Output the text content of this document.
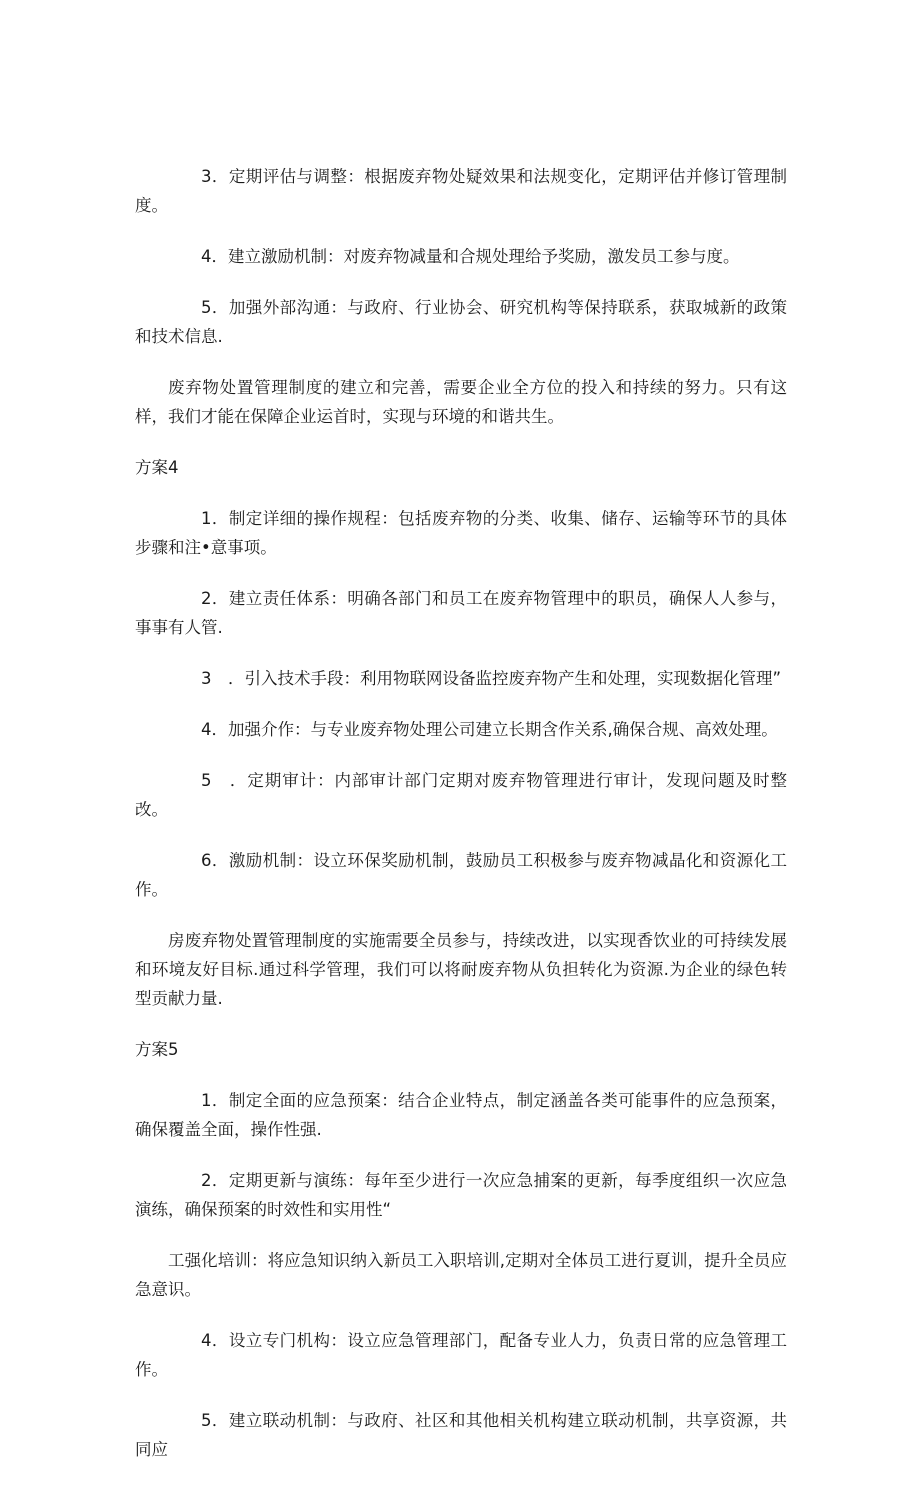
3．定期评估与调整：根据废弃物处疑效果和法规变化，定期评估并修订管理制度。

4．建立激励机制：对废弃物减量和合规处理给予奖励，激发员工参与度。

5．加强外部沟通：与政府、行业协会、研究机构等保持联系，获取城新的政策和技术信息.

废弃物处置管理制度的建立和完善，需要企业全方位的投入和持续的努力。只有这样，我们才能在保障企业运首时，实现与环境的和谐共生。

方案4

1．制定详细的操作规程：包括废弃物的分类、收集、储存、运输等环节的具体步骤和注•意事项。

2．建立责任体系：明确各部门和员工在废弃物管理中的职员，确保人人参与，事事有人管.

3　．引入技术手段：利用物联网设备监控废弃物产生和处理，实现数据化管理”

4．加强介作：与专业废弃物处理公司建立长期含作关系,确保合规、高效处理。

5　．定期审计：内部审计部门定期对废弃物管理进行审计，发现问题及时整改。

6．激励机制：设立环保奖励机制，鼓励员工积极参与废弃物减晶化和资源化工作。

房废弃物处置管理制度的实施需要全员参与，持续改进，以实现香饮业的可持续发展和环境友好目标.通过科学管理，我们可以将耐废弃物从负担转化为资源.为企业的绿色转型贡献力量.

方案5

1．制定全面的应急预案：结合企业特点，制定涵盖各类可能事件的应急预案，确保覆盖全面，操作性强.

2．定期更新与演练：每年至少进行一次应急捕案的更新，每季度组织一次应急演练，确保预案的时效性和实用性“

工强化培训：将应急知识纳入新员工入职培训,定期对全体员工进行夏训，提升全员应急意识。

4．设立专门机构：设立应急管理部门，配备专业人力，负责日常的应急管理工作。

5．建立联动机制：与政府、社区和其他相关机构建立联动机制，共享资源，共同应
